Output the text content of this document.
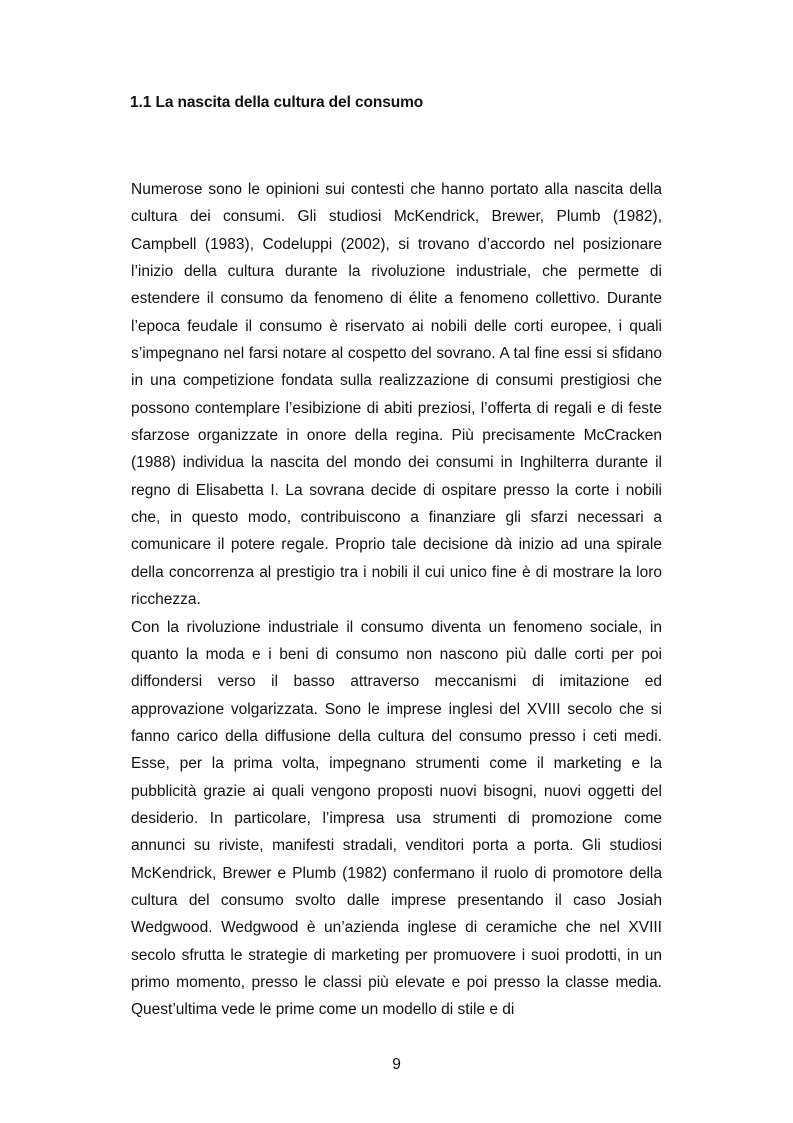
1.1 La nascita della cultura del consumo

Numerose sono le opinioni sui contesti che hanno portato alla nascita della cultura dei consumi. Gli studiosi McKendrick, Brewer, Plumb (1982), Campbell (1983), Codeluppi (2002), si trovano d’accordo nel posizionare l’inizio della cultura durante la rivoluzione industriale, che permette di estendere il consumo da fenomeno di élite a fenomeno collettivo. Durante l’epoca feudale il consumo è riservato ai nobili delle corti europee, i quali s’impegnano nel farsi notare al cospetto del sovrano. A tal fine essi si sfidano in una competizione fondata sulla realizzazione di consumi prestigiosi che possono contemplare l’esibizione di abiti preziosi, l’offerta di regali e di feste sfarzose organizzate in onore della regina. Più precisamente McCracken (1988) individua la nascita del mondo dei consumi in Inghilterra durante il regno di Elisabetta I. La sovrana decide di ospitare presso la corte i nobili che, in questo modo, contribuiscono a finanziare gli sfarzi necessari a comunicare il potere regale. Proprio tale decisione dà inizio ad una spirale della concorrenza al prestigio tra i nobili il cui unico fine è di mostrare la loro ricchezza.

Con la rivoluzione industriale il consumo diventa un fenomeno sociale, in quanto la moda e i beni di consumo non nascono più dalle corti per poi diffondersi verso il basso attraverso meccanismi di imitazione ed approvazione volgarizzata. Sono le imprese inglesi del XVIII secolo che si fanno carico della diffusione della cultura del consumo presso i ceti medi. Esse, per la prima volta, impegnano strumenti come il marketing e la pubblicità grazie ai quali vengono proposti nuovi bisogni, nuovi oggetti del desiderio. In particolare, l’impresa usa strumenti di promozione come annunci su riviste, manifesti stradali, venditori porta a porta. Gli studiosi McKendrick, Brewer e Plumb (1982) confermano il ruolo di promotore della cultura del consumo svolto dalle imprese presentando il caso Josiah Wedgwood. Wedgwood è un’azienda inglese di ceramiche che nel XVIII secolo sfrutta le strategie di marketing per promuovere i suoi prodotti, in un primo momento, presso le classi più elevate e poi presso la classe media. Quest’ultima vede le prime come un modello di stile e di

9
